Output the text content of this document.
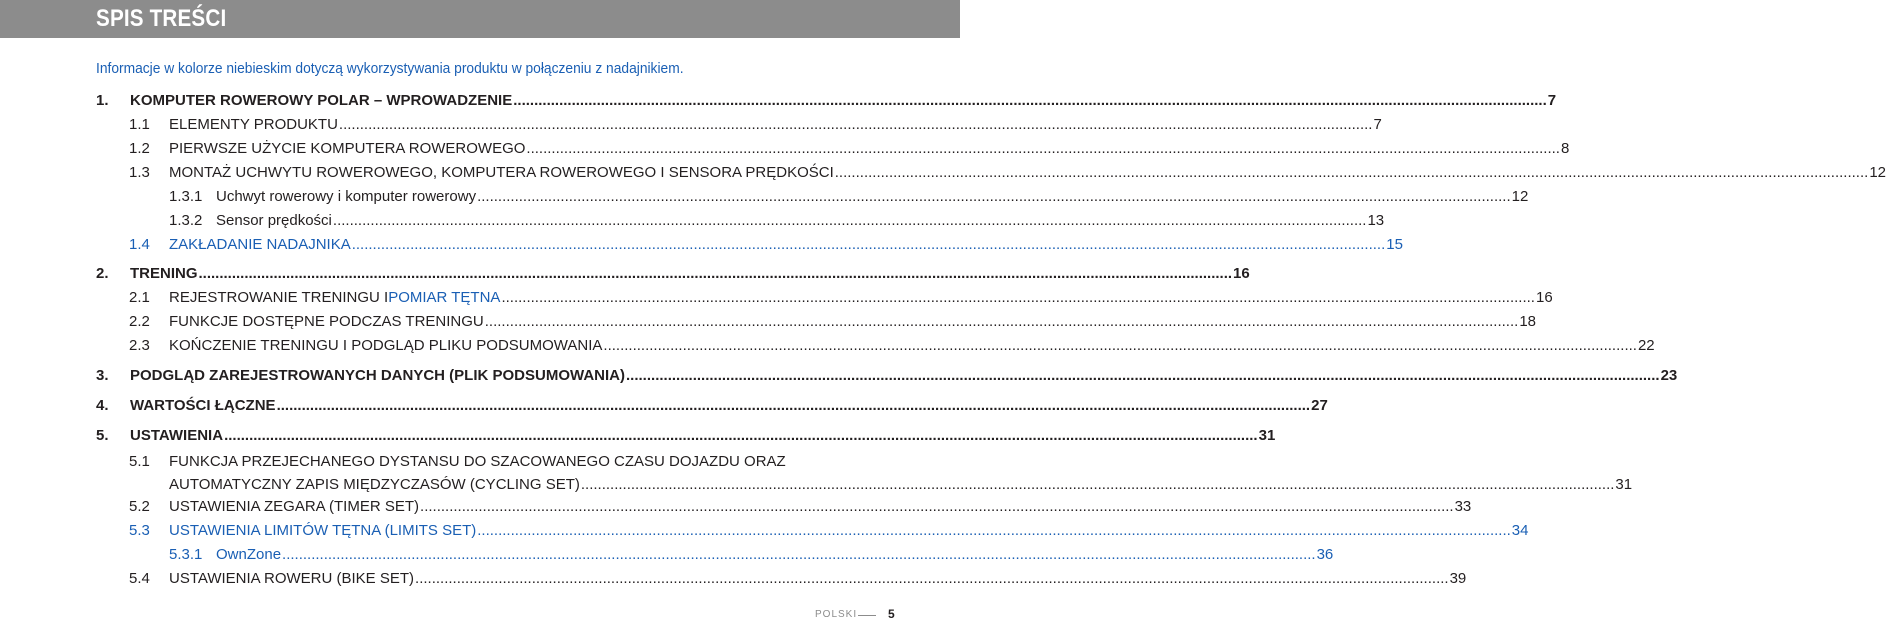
SPIS TREŚCI
Informacje w kolorze niebieskim dotyczą wykorzystywania produktu w połączeniu z nadajnikiem.
1. KOMPUTER ROWEROWY POLAR – WPROWADZENIE .....	7
1.1 ELEMENTY PRODUKTU .....	7
1.2 PIERWSZE UŻYCIE KOMPUTERA ROWEROWEGO .....	8
1.3 MONTAŻ UCHWYTU ROWEROWEGO, KOMPUTERA ROWEROWEGO I SENSORA PRĘDKOŚCI .....	12
1.3.1 Uchwyt rowerowy i komputer rowerowy .....	12
1.3.2 Sensor prędkości .....	13
1.4 ZAKŁADANIE NADAJNIKA .....	15
2. TRENING .....	16
2.1 REJESTROWANIE TRENINGU I POMIAR TĘTNA .....	16
2.2 FUNKCJE DOSTĘPNE PODCZAS TRENINGU .....	18
2.3 KOŃCZENIE TRENINGU I PODGLĄD PLIKU PODSUMOWANIA .....	22
3. PODGLĄD ZAREJESTROWANYCH DANYCH (PLIK PODSUMOWANIA) .....	23
4. WARTOŚCI ŁĄCZNE .....	27
5. USTAWIENIA .....	31
5.1 FUNKCJA PRZEJECHANEGO DYSTANSU DO SZACOWANEGO CZASU DOJAZDU ORAZ
AUTOMATYCZNY ZAPIS MIĘDZYCZASÓW (CYCLING SET) .....	31
5.2 USTAWIENIA ZEGARA (TIMER SET) .....	33
5.3 USTAWIENIA LIMITÓW TĘTNA (LIMITS SET) .....	34
5.3.1 OwnZone .....	36
5.4 USTAWIENIA ROWERU (BIKE SET) .....	39
POLSKI	5
